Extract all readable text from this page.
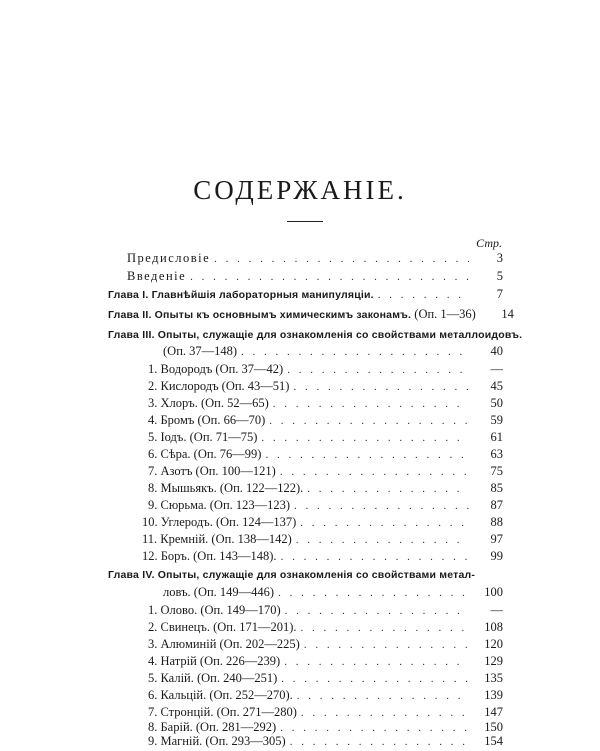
СОДЕРЖАНІЕ.
Стр.
Предисловіе . . .	3
Введеніе . . .	5
Глава I. Главнѣйшія лабораторныя манипуляціи. . . .	7
Глава II. Опыты къ основнымъ химическимъ законамъ. (Оп. 1—36)	14
Глава III. Опыты, служащіе для ознакомленія со свойствами металлоидовъ.
(Оп. 37—148) . . .	40
1. Водородъ (Оп. 37—42) . . .	—
2. Кислородъ (Оп. 43—51) . . .	45
3. Хлоръ. (Оп. 52—65) . . .	50
4. Бромъ (Оп. 66—70) . . .	59
5. Іодъ. (Оп. 71—75) . . .	61
6. Сѣра. (Оп. 76—99) . . .	63
7. Азотъ (Оп. 100—121) . . .	75
8. Мышьякъ. (Оп. 122—122). . . .	85
9. Сюрьма. (Оп. 123—123) . . .	87
10. Углеродъ. (Оп. 124—137) . . .	88
11. Кремній. (Оп. 138—142) . . .	97
12. Боръ. (Оп. 143—148). . . .	99
Глава IV. Опыты, служащіе для ознакомленія со свойствами метал-
ловъ. (Оп. 149—446) . . .	100
1. Олово. (Оп. 149—170) . . .	—
2. Свинецъ. (Оп. 171—201). . . .	108
3. Алюминій (Оп. 202—225) . . .	120
4. Натрій (Оп. 226—239) . . .	129
5. Калій. (Оп. 240—251) . . .	135
6. Кальцій. (Оп. 252—270). . . .	139
7. Стронцій. (Оп. 271—280) . . .	147
8. Барій. (Оп. 281—292) . . .	150
9. Магній. (Оп. 293—305) . . .	154
